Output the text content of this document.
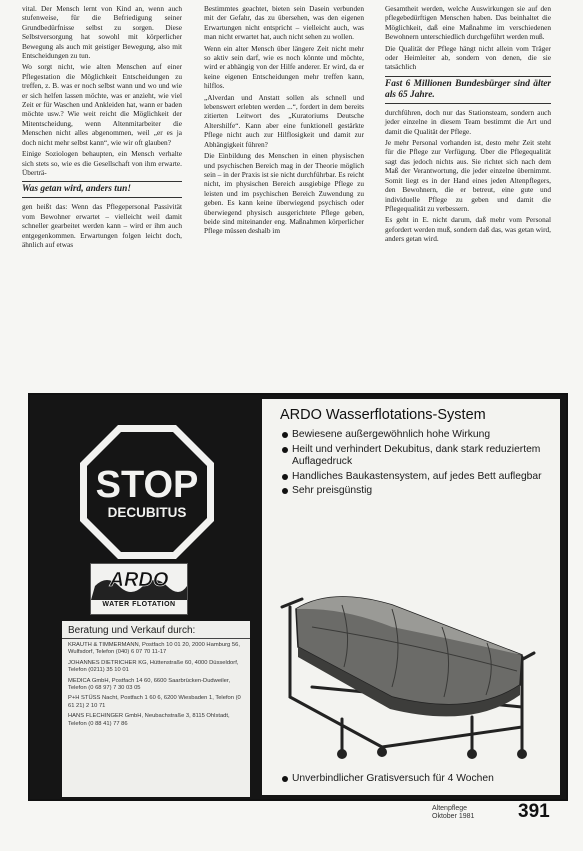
vital. Der Mensch lernt von Kind an, wenn auch stufenweise, für die Befriedigung seiner Grundbedürfnisse selbst zu sorgen. Diese Selbstversorgung hat sowohl mit körperlicher Bewegung als auch mit geistiger Bewegung, also mit Entscheidungen zu tun.

Wo sorgt nicht, wie alten Menschen auf einer Pflegestation die Möglichkeit Entscheidungen zu treffen, z. B. was er noch selbst wann und wo und wie er sich helfen lassen möchte, was er anzieht, wie viel Zeit er für Waschen und Ankleiden hat, wann er baden möchte usw.? Wie weit reicht die Möglichkeit der Mitentscheidung, wenn Altenmitarbeiter die Menschen nicht alles abgenommen, weil „er es ja doch nicht mehr selbst kann“, wie wir oft glauben?

Einige Soziologen behaupten, ein Mensch verhalte sich stets so, wie es die Gesellschaft von ihm erwarte. Überträ-

Was getan wird, anders tun!

gen heißt das: Wenn das Pflegepersonal Passivität vom Bewohner erwartet – vielleicht weil damit schneller gearbeitet werden kann – wird er ihm auch entgegenkommen. Erwartungen folgen leicht doch, ähnlich auf etwas

Bestimmtes geachtet, bieten sein Dasein verbunden mit der Gefahr, das zu übersehen, was den eigenen Erwartungen nicht entspricht – vielleicht auch, was man nicht erwartet hat, auch nicht sehen zu wollen.

Wenn ein alter Mensch über längere Zeit nicht mehr so aktiv sein darf, wie es noch könnte und möchte, wird er abhängig von der Hilfe anderer. Er wird, da er keine eigenen Entscheidungen mehr treffen kann, hilflos.

„Alverdan und Anstatt sollen als schnell und lebenswert erlebten werden ...“, fordert in dem bereits zitierten Leitwort des „Kuratoriums Deutsche Altershilfe“. Kann aber eine funktionell gestärkte Pflege nicht auch zur Hilflosigkeit und damit zur Abhängigkeit führen?

Die Einbildung des Menschen in einen physischen und psychischen Bereich mag in der Theorie möglich sein – in der Praxis ist sie nicht durchführbar. Es reicht nicht, im physischen Bereich ausgiebige Pflege zu leisten und im psychischen Bereich Zuwendung zu geben. Es kann keine überwiegend psychisch oder überwiegend physisch ausgerichtete Pflege geben, beide sind miteinander eng. Maßnahmen körperlicher Pflege müssen deshalb im

Gesamtheit werden, welche Auswirkungen sie auf den pflegebedürftigen Menschen haben. Das beinhaltet die Möglichkeit, daß eine Maßnahme im verschiedenen Bewohnern unterschiedlich durchgeführt werden muß.

Die Qualität der Pflege hängt nicht allein vom Träger oder Heimleiter ab, sondern von denen, die sie tatsächlich

Fast 6 Millionen Bundesbürger sind älter als 65 Jahre.

durchführen, doch nur das Stationsteam, sondern auch jeder einzelne in diesem Team bestimmt die Art und damit die Qualität der Pflege.

Je mehr Personal vorhanden ist, desto mehr Zeit steht für die Pflege zur Verfügung. Über die Pflegequalität sagt das jedoch nichts aus. Sie richtet sich nach dem Maß der Verantwortung, die jeder einzelne übernimmt. Somit liegt es in der Hand eines jeden Altenpflegers, den Bewohnern, die er betreut, eine gute und individuelle Pflege zu geben und damit die Pflegequalität zu verbessern.

Es geht in E. nicht darum, daß mehr vom Personal gefordert werden muß, sondern daß das, was getan wird, anders getan wird.

STOP
DECUBITUS
ARDO
WATER FLOTATION
Beratung und Verkauf durch:
KRAUTH & TIMMERMANN, Postfach 10 01 20, 2000 Hamburg 56, Wulfsdorf, Telefon (040) 6 07 70 11-17
JOHANNES DIETRICHER KG, Hüttenstraße 60, 4000 Düsseldorf, Telefon (0211) 35 10 01
MEDICA GmbH, Postfach 14 60, 6600 Saarbrücken-Dudweiler, Telefon (0 68 97) 7 30 03 05
P+H STÜSS Nacht, Postfach 1 60 6, 6200 Wiesbaden 1, Telefon (0 61 21) 2 10 71
HANS FLECHINGER GmbH, Neubachstraße 3, 8115 Ohlstadt, Telefon (0 88 41) 77 86
ARDO Wasserflotations-System
Bewiesene außergewöhnlich hohe Wirkung
Heilt und verhindert Dekubitus, dank stark reduziertem Auflagedruck
Handliches Baukastensystem, auf jedes Bett auflegbar
Sehr preisgünstig
Unverbindlicher Gratisversuch für 4 Wochen
Altenpflege
Oktober 1981	391
